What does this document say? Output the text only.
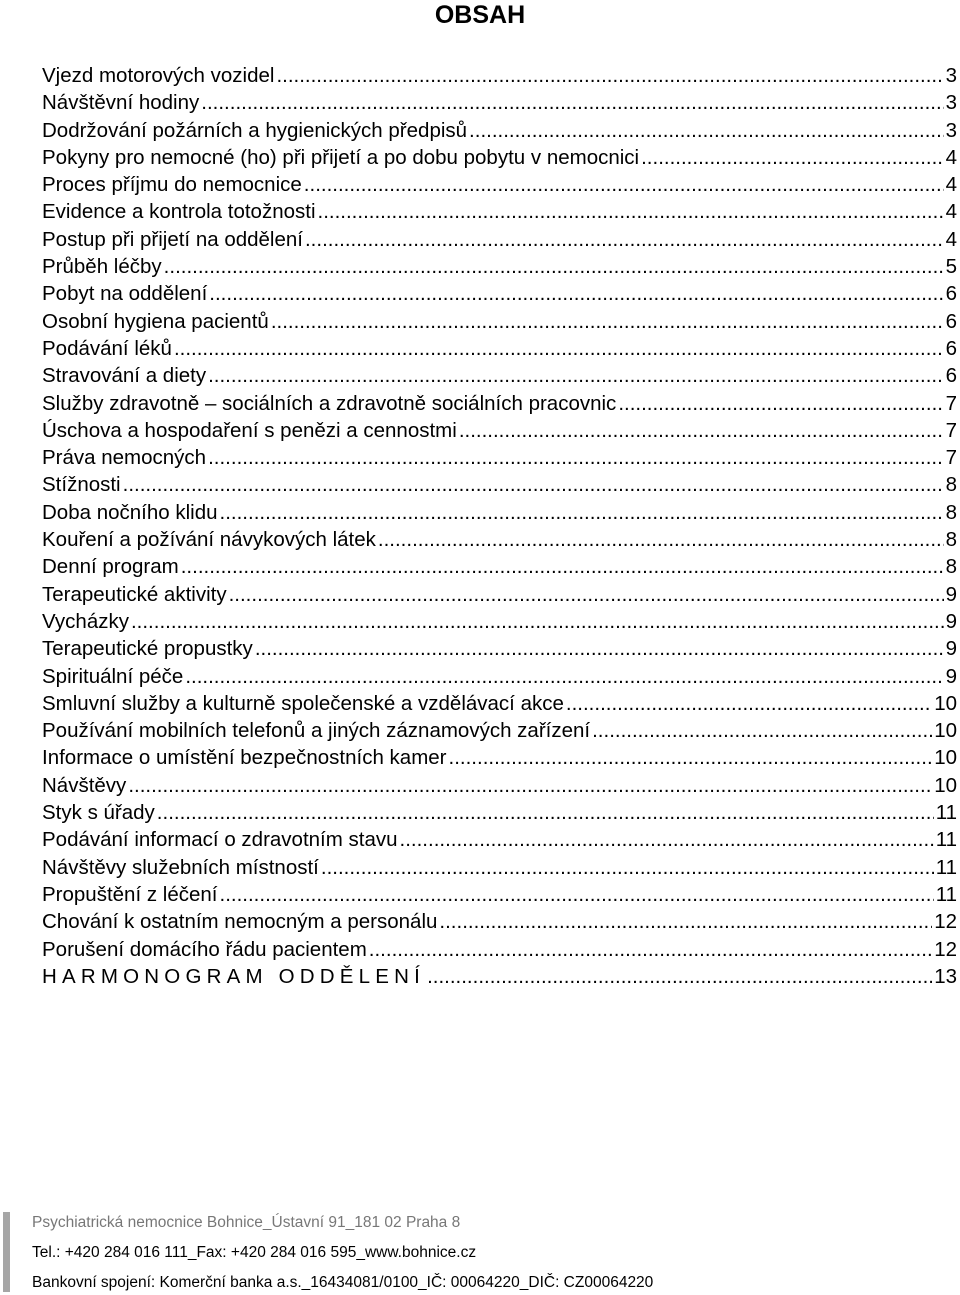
OBSAH
Vjezd motorových vozidel .....	3
Návštěvní hodiny .....	3
Dodržování požárních a hygienických předpisů .....	3
Pokyny pro nemocné (ho) při přijetí a po dobu pobytu v nemocnici .....	4
Proces příjmu do nemocnice .....	4
Evidence a kontrola totožnosti .....	4
Postup při přijetí na oddělení .....	4
Průběh léčby .....	5
Pobyt na oddělení .....	6
Osobní hygiena pacientů .....	6
Podávání léků .....	6
Stravování a diety .....	6
Služby zdravotně – sociálních a zdravotně sociálních pracovnic .....	7
Úschova a hospodaření s penězi a cennostmi .....	7
Práva nemocných .....	7
Stížnosti .....	8
Doba nočního klidu .....	8
Kouření a požívání návykových látek .....	8
Denní program .....	8
Terapeutické aktivity .....	9
Vycházky .....	9
Terapeutické propustky .....	9
Spirituální péče .....	9
Smluvní služby a kulturně společenské a vzdělávací akce .....	10
Používání mobilních telefonů a jiných záznamových zařízení .....	10
Informace o umístění bezpečnostních kamer .....	10
Návštěvy .....	10
Styk s úřady .....	11
Podávání informací o zdravotním stavu .....	11
Návštěvy služebních místností .....	11
Propuštění z léčení .....	11
Chování k ostatním nemocným a personálu .....	12
Porušení domácího řádu pacientem .....	12
HARMONOGRAM ODDĚLENÍ .....	13
Psychiatrická nemocnice Bohnice_Ústavní 91_181 02 Praha 8
Tel.: +420 284 016 111_Fax: +420 284 016 595_www.bohnice.cz
Bankovní spojení: Komerční banka a.s._16434081/0100_IČ: 00064220_DIČ: CZ00064220
